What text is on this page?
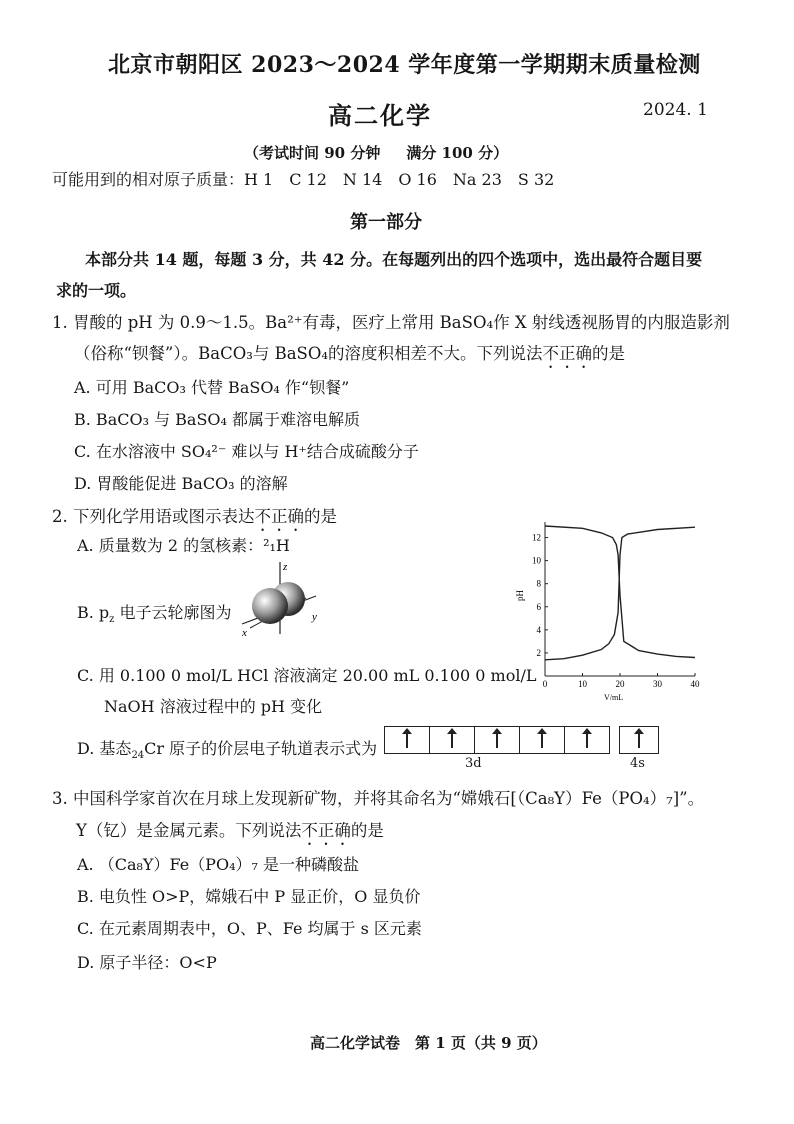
北京市朝阳区 2023～2024 学年度第一学期期末质量检测
高二化学	2024. 1
（考试时间 90 分钟 满分 100 分）
可能用到的相对原子质量：H 1　C 12　N 14　O 16　Na 23　S 32
第一部分
本部分共 14 题，每题 3 分，共 42 分。在每题列出的四个选项中，选出最符合题目要求的一项。
1. 胃酸的 pH 为 0.9～1.5。Ba²⁺有毒，医疗上常用 BaSO₄作 X 射线透视肠胃的内服造影剂
（俗称“钡餐”）。BaCO₃与 BaSO₄的溶度积相差不大。下列说法不正确的是
A. 可用 BaCO₃ 代替 BaSO₄ 作“钡餐”
B. BaCO₃ 与 BaSO₄ 都属于难溶电解质
C. 在水溶液中 SO₄²⁻ 难以与 H⁺结合成硫酸分子
D. 胃酸能促进 BaCO₃ 的溶解
2. 下列化学用语或图示表达不正确的是
A. 质量数为 2 的氢核素：²₁H
B. $p_z$ 电子云轮廓图为
z
y
x
C. 用 0.100 0 mol/L HCl 溶液滴定 20.00 mL 0.100 0 mol/L
NaOH 溶液过程中的 pH 变化
0	10	20	30	40
2
4
6
8
10
12
pH
V/mL
D. 基态$_{24}$Cr 原子的价层电子轨道表示式为
3d	4s
3. 中国科学家首次在月球上发现新矿物，并将其命名为“嫦娥石[（Ca₈Y）Fe（PO₄）₇]”。
Y（钇）是金属元素。下列说法不正确的是
A. （Ca₈Y）Fe（PO₄）₇ 是一种磷酸盐
B. 电负性 O>P，嫦娥石中 P 显正价，O 显负价
C. 在元素周期表中，O、P、Fe 均属于 s 区元素
D. 原子半径：O<P
高二化学试卷　第 1 页（共 9 页）
